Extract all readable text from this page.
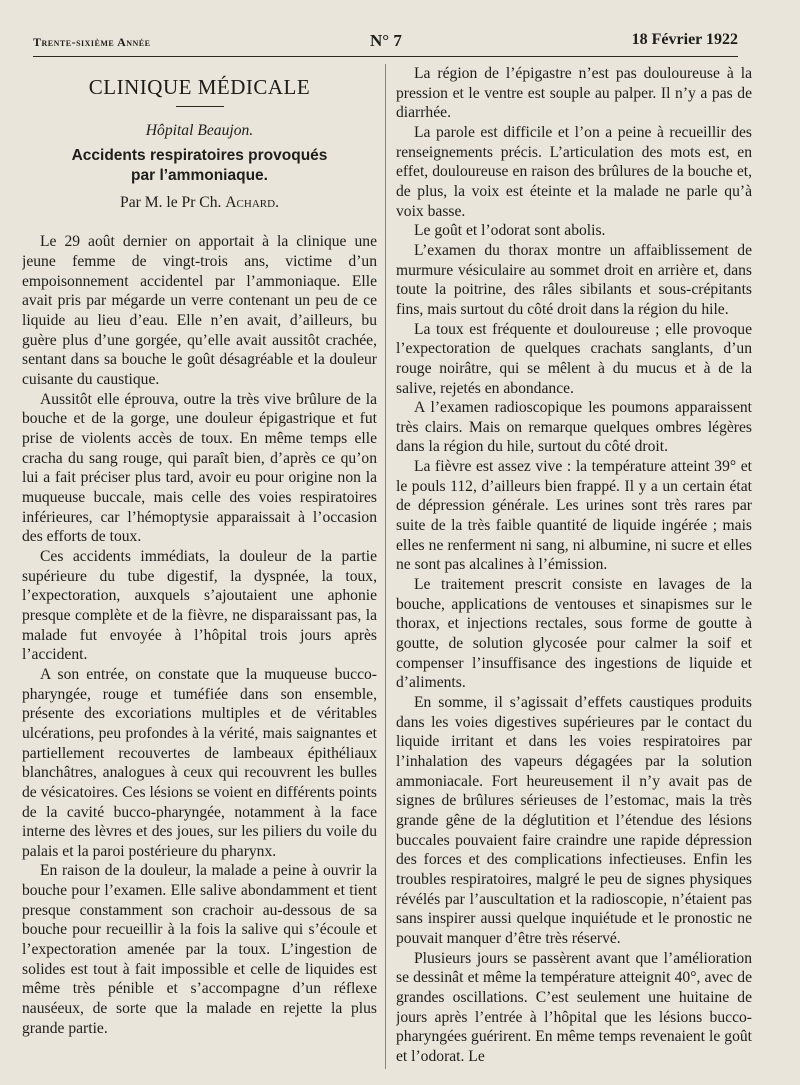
Trente-sixième Année	N° 7	18 Février 1922
CLINIQUE MÉDICALE
Hôpital Beaujon.
Accidents respiratoires provoqués
par l’ammoniaque.
Par M. le Pr Ch. Achard.

Le 29 août dernier on apportait à la clinique une jeune femme de vingt-trois ans, victime d’un empoisonnement accidentel par l’ammoniaque. Elle avait pris par mégarde un verre contenant un peu de ce liquide au lieu d’eau. Elle n’en avait, d’ailleurs, bu guère plus d’une gorgée, qu’elle avait aussitôt crachée, sentant dans sa bouche le goût désagréable et la douleur cuisante du caustique.

Aussitôt elle éprouva, outre la très vive brûlure de la bouche et de la gorge, une douleur épigastrique et fut prise de violents accès de toux. En même temps elle cracha du sang rouge, qui paraît bien, d’après ce qu’on lui a fait préciser plus tard, avoir eu pour origine non la muqueuse buccale, mais celle des voies respiratoires inférieures, car l’hémoptysie apparaissait à l’occasion des efforts de toux.

Ces accidents immédiats, la douleur de la partie supérieure du tube digestif, la dyspnée, la toux, l’expectoration, auxquels s’ajoutaient une aphonie presque complète et de la fièvre, ne disparaissant pas, la malade fut envoyée à l’hôpital trois jours après l’accident.

A son entrée, on constate que la muqueuse bucco-pharyngée, rouge et tuméfiée dans son ensemble, présente des excoriations multiples et de véritables ulcérations, peu profondes à la vérité, mais saignantes et partiellement recouvertes de lambeaux épithéliaux blanchâtres, analogues à ceux qui recouvrent les bulles de vésicatoires. Ces lésions se voient en différents points de la cavité bucco-pharyngée, notamment à la face interne des lèvres et des joues, sur les piliers du voile du palais et la paroi postérieure du pharynx.

En raison de la douleur, la malade a peine à ouvrir la bouche pour l’examen. Elle salive abondamment et tient presque constamment son crachoir au-dessous de sa bouche pour recueillir à la fois la salive qui s’écoule et l’expectoration amenée par la toux. L’ingestion de solides est tout à fait impossible et celle de liquides est même très pénible et s’accompagne d’un réflexe nauséeux, de sorte que la malade en rejette la plus grande partie.

La région de l’épigastre n’est pas douloureuse à la pression et le ventre est souple au palper. Il n’y a pas de diarrhée.

La parole est difficile et l’on a peine à recueillir des renseignements précis. L’articulation des mots est, en effet, douloureuse en raison des brûlures de la bouche et, de plus, la voix est éteinte et la malade ne parle qu’à voix basse.

Le goût et l’odorat sont abolis.

L’examen du thorax montre un affaiblissement de murmure vésiculaire au sommet droit en arrière et, dans toute la poitrine, des râles sibilants et sous-crépitants fins, mais surtout du côté droit dans la région du hile.

La toux est fréquente et douloureuse ; elle provoque l’expectoration de quelques crachats sanglants, d’un rouge noirâtre, qui se mêlent à du mucus et à de la salive, rejetés en abondance.

A l’examen radioscopique les poumons apparaissent très clairs. Mais on remarque quelques ombres légères dans la région du hile, surtout du côté droit.

La fièvre est assez vive : la température atteint 39° et le pouls 112, d’ailleurs bien frappé. Il y a un certain état de dépression générale. Les urines sont très rares par suite de la très faible quantité de liquide ingérée ; mais elles ne renferment ni sang, ni albumine, ni sucre et elles ne sont pas alcalines à l’émission.

Le traitement prescrit consiste en lavages de la bouche, applications de ventouses et sinapismes sur le thorax, et injections rectales, sous forme de goutte à goutte, de solution glycosée pour calmer la soif et compenser l’insuffisance des ingestions de liquide et d’aliments.

En somme, il s’agissait d’effets caustiques produits dans les voies digestives supérieures par le contact du liquide irritant et dans les voies respiratoires par l’inhalation des vapeurs dégagées par la solution ammoniacale. Fort heureusement il n’y avait pas de signes de brûlures sérieuses de l’estomac, mais la très grande gêne de la déglutition et l’étendue des lésions buccales pouvaient faire craindre une rapide dépression des forces et des complications infectieuses. Enfin les troubles respiratoires, malgré le peu de signes physiques révélés par l’auscultation et la radioscopie, n’étaient pas sans inspirer aussi quelque inquiétude et le pronostic ne pouvait manquer d’être très réservé.

Plusieurs jours se passèrent avant que l’amélioration se dessinât et même la température atteignit 40°, avec de grandes oscillations. C’est seulement une huitaine de jours après l’entrée à l’hôpital que les lésions bucco-pharyngées guérirent. En même temps revenaient le goût et l’odorat. Le
